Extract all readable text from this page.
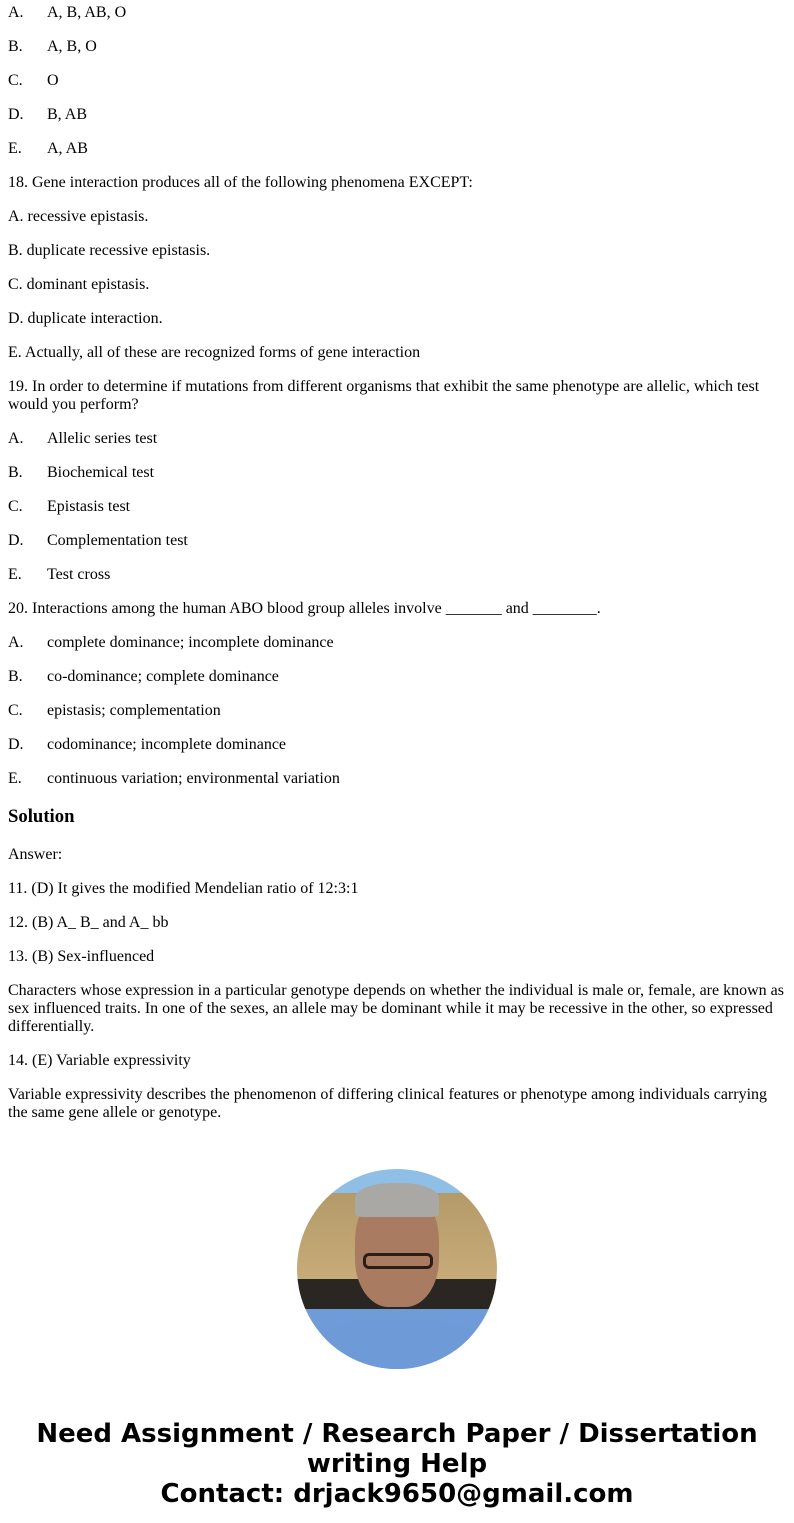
A. A, B, AB, O

B. A, B, O

C. O

D. B, AB

E. A, AB

18. Gene interaction produces all of the following phenomena EXCEPT:

A. recessive epistasis.

B. duplicate recessive epistasis.

C. dominant epistasis.

D. duplicate interaction.

E. Actually, all of these are recognized forms of gene interaction

19. In order to determine if mutations from different organisms that exhibit the same phenotype are allelic, which test would you perform?

A. Allelic series test

B. Biochemical test

C. Epistasis test

D. Complementation test

E. Test cross

20. Interactions among the human ABO blood group alleles involve _______ and ________.

A. complete dominance; incomplete dominance

B. co-dominance; complete dominance

C. epistasis; complementation

D. codominance; incomplete dominance

E. continuous variation; environmental variation

Solution

Answer:

11. (D) It gives the modified Mendelian ratio of 12:3:1

12. (B) A_ B_ and A_ bb

13. (B) Sex-influenced

Characters whose expression in a particular genotype depends on whether the individual is male or, female, are known as sex influenced traits. In one of the sexes, an allele may be dominant while it may be recessive in the other, so expressed differentially.

14. (E) Variable expressivity

Variable expressivity describes the phenomenon of differing clinical features or phenotype among individuals carrying the same gene allele or genotype.

Need Assignment / Research Paper / Dissertation writing Help
Contact: drjack9650@gmail.com
